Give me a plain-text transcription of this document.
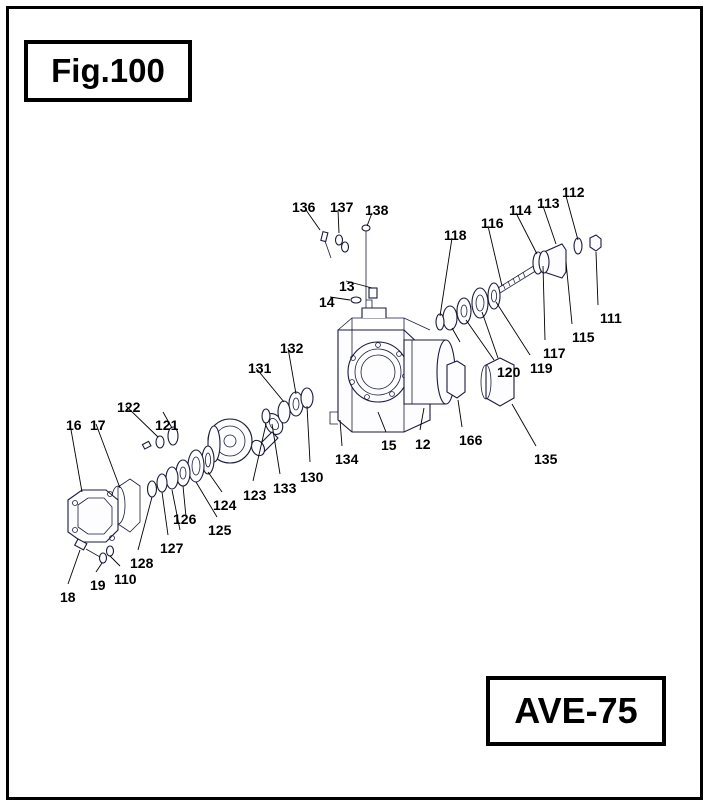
Fig.100
AVE-75
136 137 138
13
14
118
116
114 113
112
111
115
117
119
120
132
131
121
122
16 17
18
19 110
128
127
126
125
124
123 133
130
134
15 12 166
135
